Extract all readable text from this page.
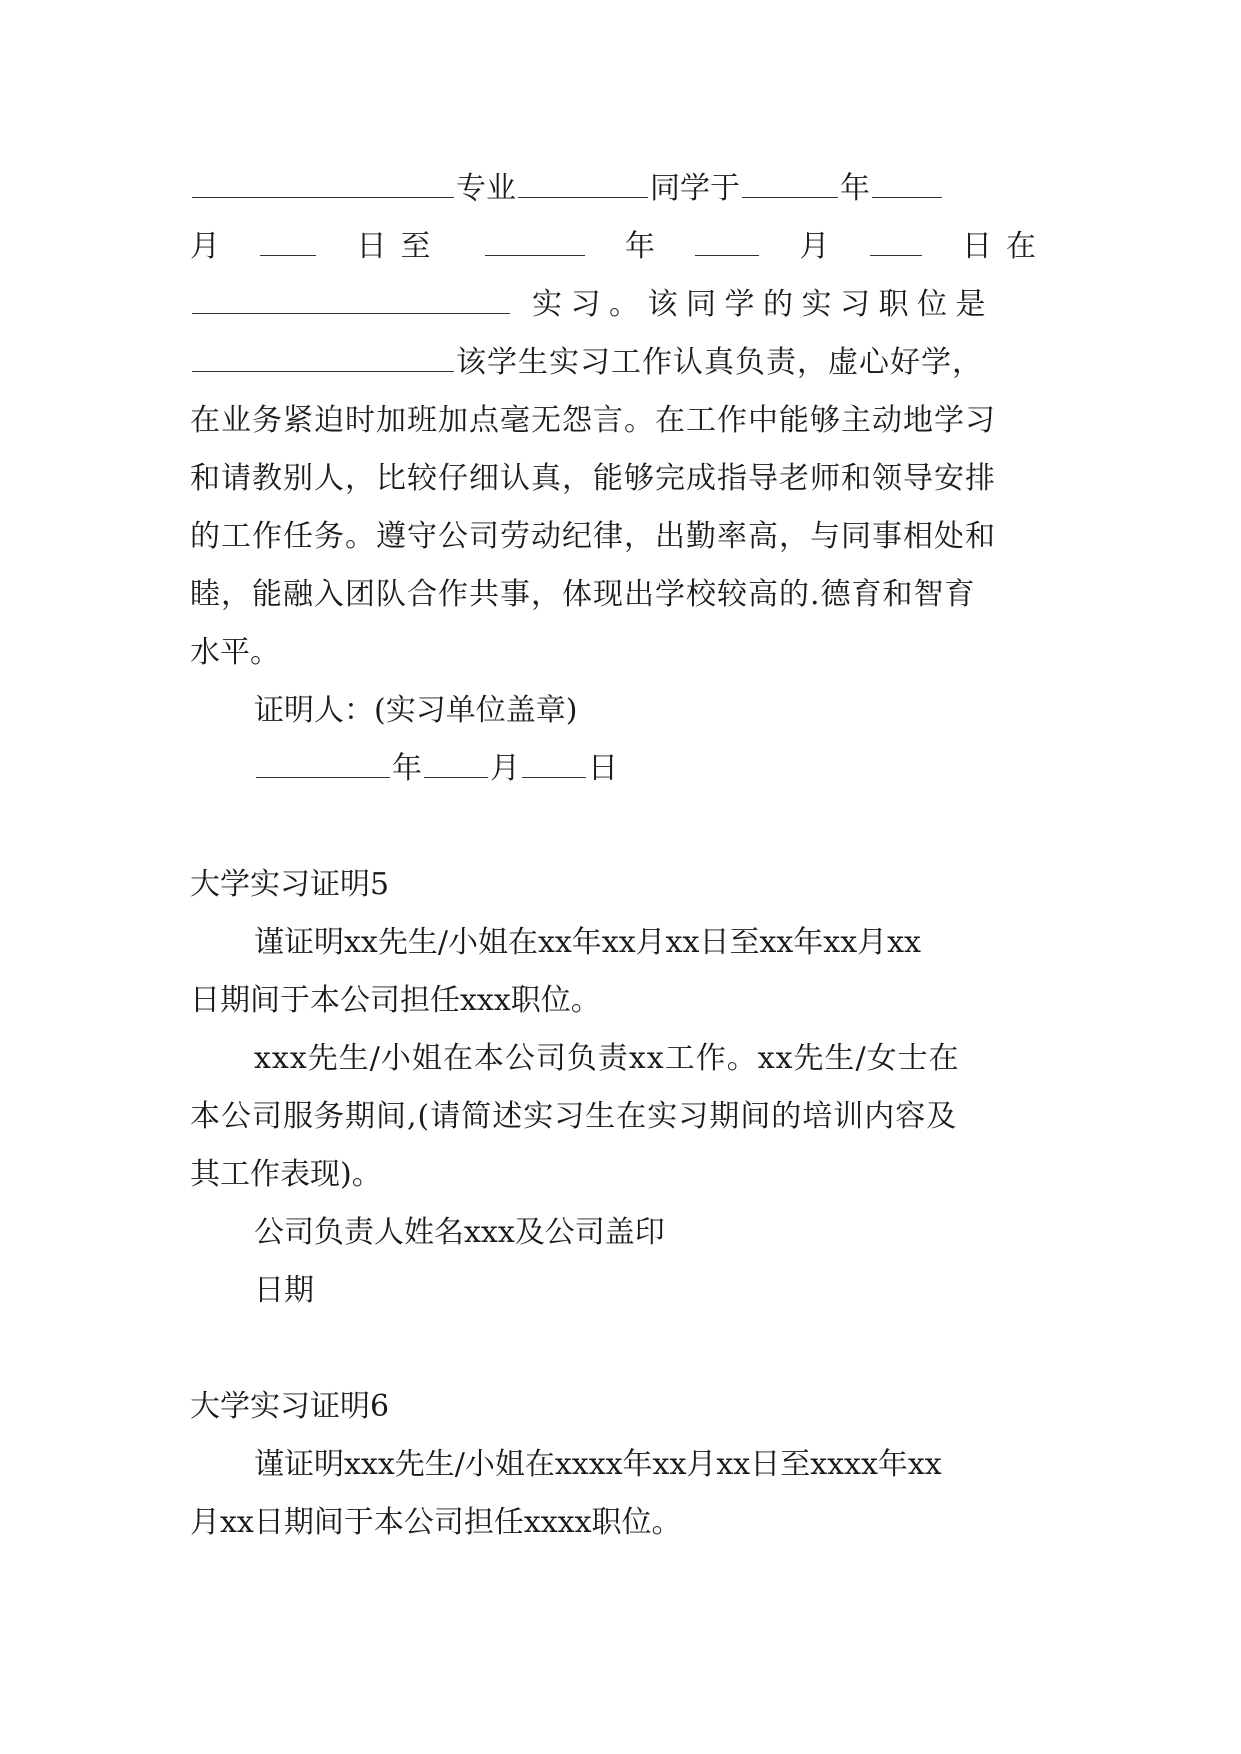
专业	同学于	年
月	日至	年	月	日在
实习。该同学的实习职位是
该学生实习工作认真负责，虚心好学，
在业务紧迫时加班加点毫无怨言。在工作中能够主动地学习
和请教别人，比较仔细认真，能够完成指导老师和领导安排
的工作任务。遵守公司劳动纪律，出勤率高，与同事相处和
睦，能融入团队合作共事，体现出学校较高的.德育和智育
水平。
证明人：(实习单位盖章)
年 月 日
大学实习证明5
谨证明xx先生/小姐在xx年xx月xx日至xx年xx月xx
日期间于本公司担任xxx职位。
xxx先生/小姐在本公司负责xx工作。xx先生/女士在
本公司服务期间,(请简述实习生在实习期间的培训内容及
其工作表现)。
公司负责人姓名xxx及公司盖印
日期
大学实习证明6
谨证明xxx先生/小姐在xxxx年xx月xx日至xxxx年xx
月xx日期间于本公司担任xxxx职位。
